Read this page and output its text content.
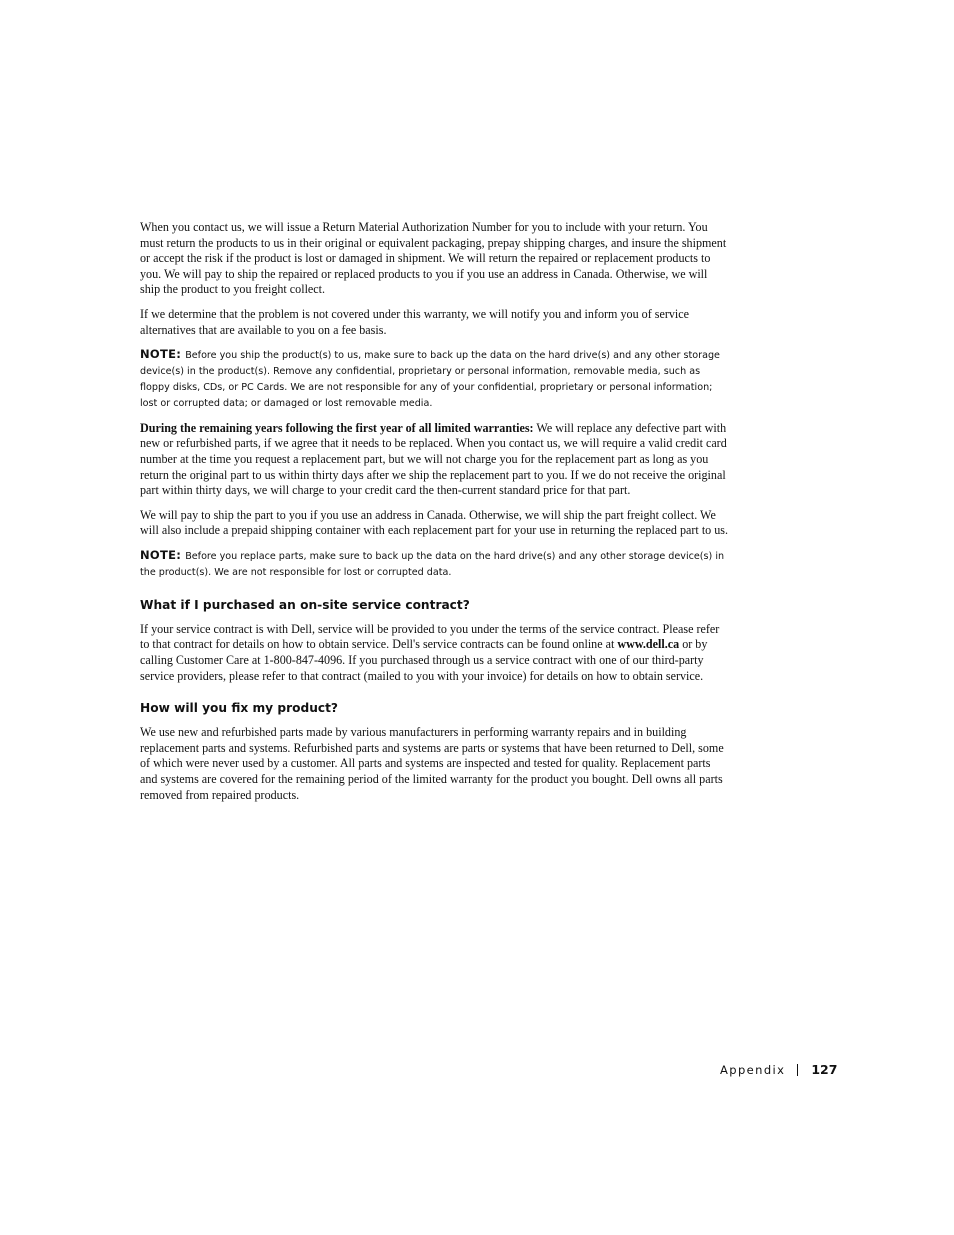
When you contact us, we will issue a Return Material Authorization Number for you to include with your return. You must return the products to us in their original or equivalent packaging, prepay shipping charges, and insure the shipment or accept the risk if the product is lost or damaged in shipment. We will return the repaired or replacement products to you. We will pay to ship the repaired or replaced products to you if you use an address in Canada. Otherwise, we will ship the product to you freight collect.

If we determine that the problem is not covered under this warranty, we will notify you and inform you of service alternatives that are available to you on a fee basis.

NOTE: Before you ship the product(s) to us, make sure to back up the data on the hard drive(s) and any other storage device(s) in the product(s). Remove any confidential, proprietary or personal information, removable media, such as floppy disks, CDs, or PC Cards. We are not responsible for any of your confidential, proprietary or personal information; lost or corrupted data; or damaged or lost removable media.

During the remaining years following the first year of all limited warranties: We will replace any defective part with new or refurbished parts, if we agree that it needs to be replaced. When you contact us, we will require a valid credit card number at the time you request a replacement part, but we will not charge you for the replacement part as long as you return the original part to us within thirty days after we ship the replacement part to you. If we do not receive the original part within thirty days, we will charge to your credit card the then-current standard price for that part.

We will pay to ship the part to you if you use an address in Canada. Otherwise, we will ship the part freight collect. We will also include a prepaid shipping container with each replacement part for your use in returning the replaced part to us.

NOTE: Before you replace parts, make sure to back up the data on the hard drive(s) and any other storage device(s) in the product(s). We are not responsible for lost or corrupted data.

What if I purchased an on-site service contract?

If your service contract is with Dell, service will be provided to you under the terms of the service contract. Please refer to that contract for details on how to obtain service. Dell's service contracts can be found online at www.dell.ca or by calling Customer Care at 1-800-847-4096. If you purchased through us a service contract with one of our third-party service providers, please refer to that contract (mailed to you with your invoice) for details on how to obtain service.

How will you fix my product?

We use new and refurbished parts made by various manufacturers in performing warranty repairs and in building replacement parts and systems. Refurbished parts and systems are parts or systems that have been returned to Dell, some of which were never used by a customer. All parts and systems are inspected and tested for quality. Replacement parts and systems are covered for the remaining period of the limited warranty for the product you bought. Dell owns all parts removed from repaired products.

Appendix 127
